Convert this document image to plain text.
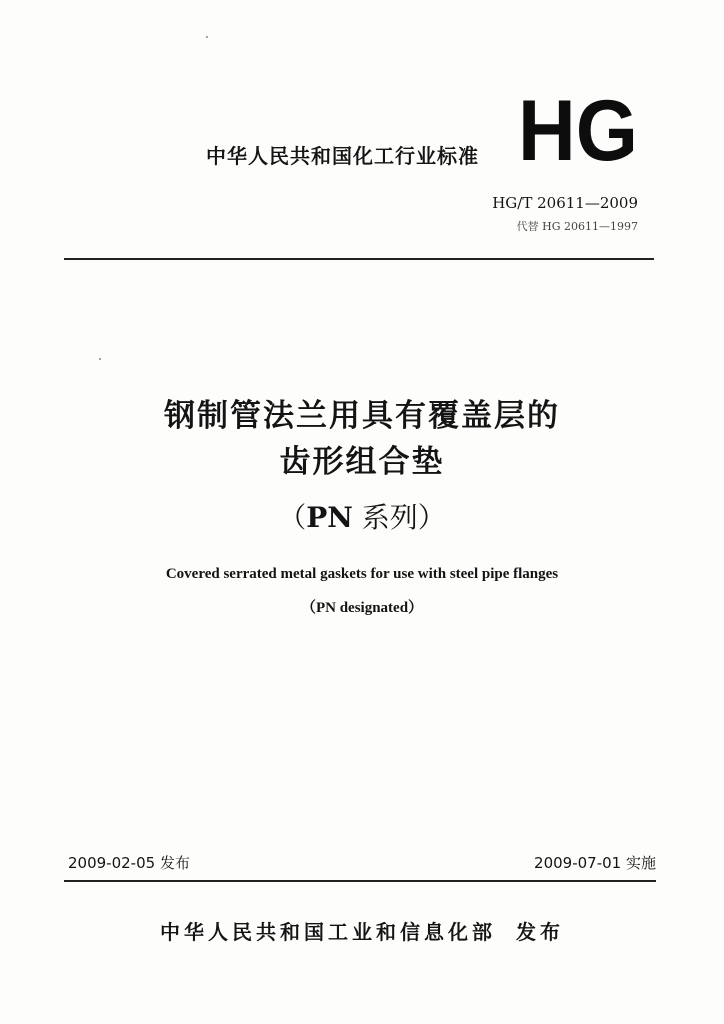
中华人民共和国化工行业标准 HG
HG/T 20611—2009
代替 HG 20611—1997
钢制管法兰用具有覆盖层的
齿形组合垫
（PN 系列）
Covered serrated metal gaskets for use with steel pipe flanges
（PN designated）
2009-02-05 发布	2009-07-01 实施
中华人民共和国工业和信息化部 发布
